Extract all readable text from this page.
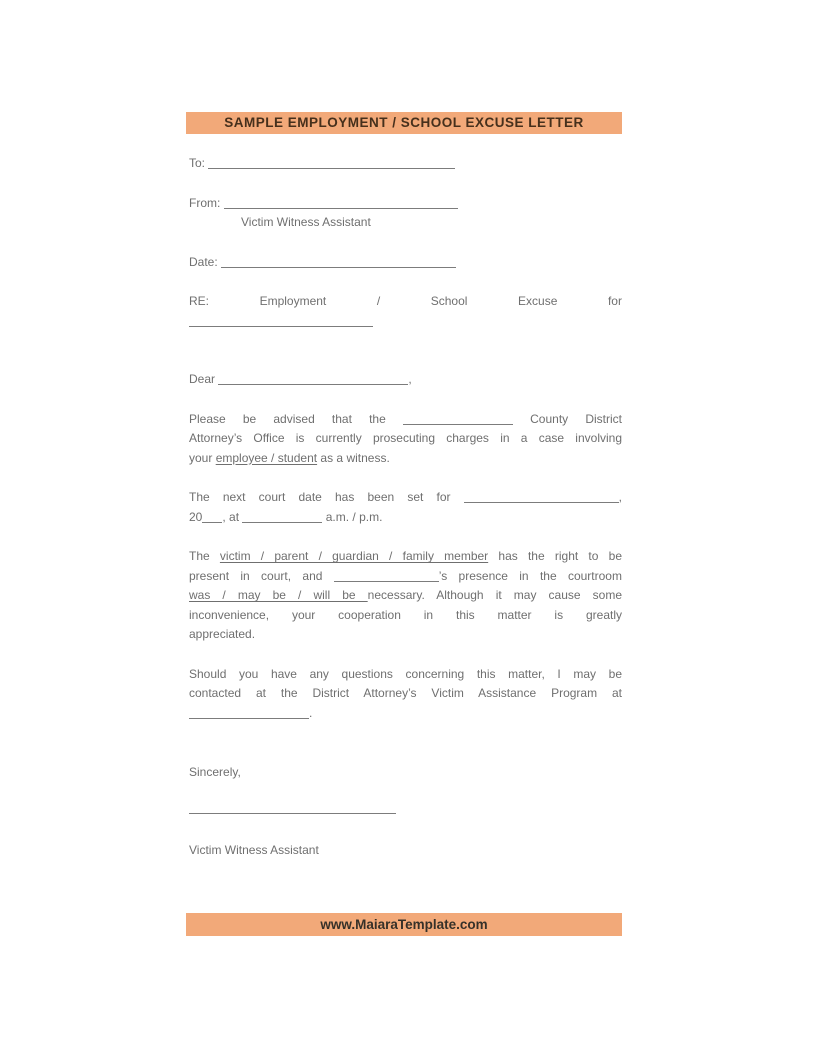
SAMPLE EMPLOYMENT / SCHOOL EXCUSE LETTER
To:
From:
Victim Witness Assistant
Date:
RE:	Employment	/	School	Excuse	for
Dear	,
Please be advised that the	County District
Attorney’s Office is currently prosecuting charges in a case involving
your employee / student as a witness.
The next court date has been set for	,
20 , at	a.m. / p.m.
The victim / parent / guardian / family member has the right to be
present in court, and	’s presence in the courtroom
was / may be / will be necessary. Although it may cause some
inconvenience, your cooperation in this matter is greatly
appreciated.
Should you have any questions concerning this matter, I may be
contacted at the District Attorney’s Victim Assistance Program at
.
Sincerely,
Victim Witness Assistant
www.MaiaraTemplate.com
